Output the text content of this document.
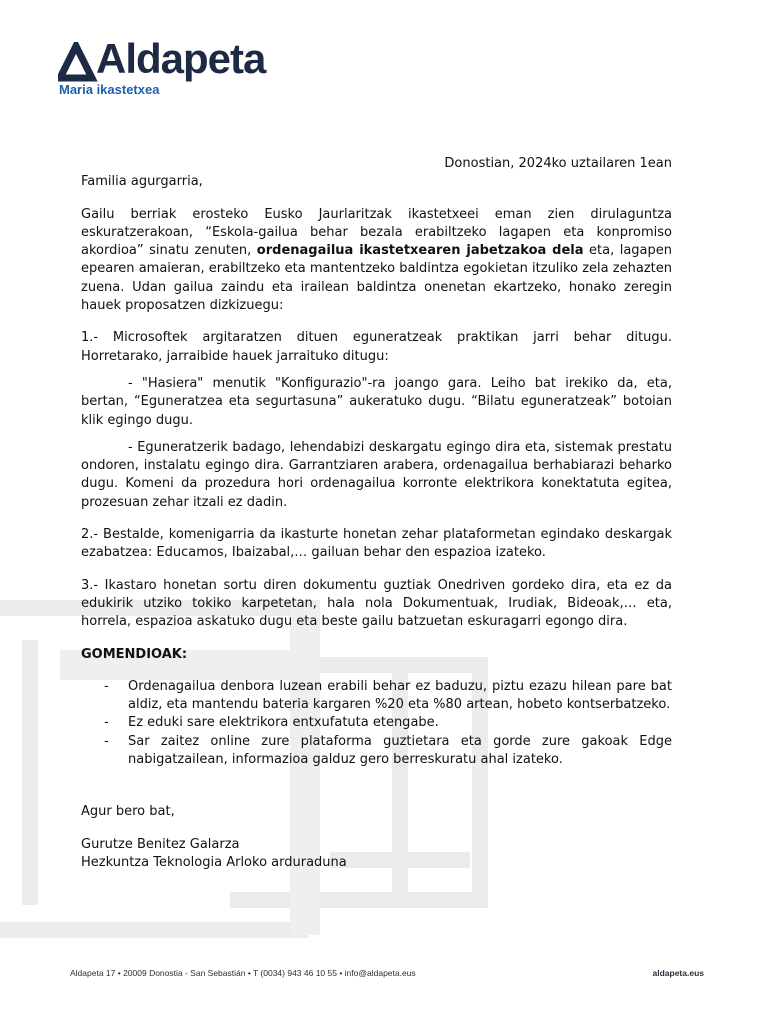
Aldapeta
Maria ikastetxea

Donostian, 2024ko uztailaren 1ean

Familia agurgarria,

Gailu berriak erosteko Eusko Jaurlaritzak ikastetxeei eman zien dirulaguntza eskuratzerakoan, “Eskola-gailua behar bezala erabiltzeko lagapen eta konpromiso akordioa” sinatu zenuten, ordenagailua ikastetxearen jabetzakoa dela eta, lagapen epearen amaieran, erabiltzeko eta mantentzeko baldintza egokietan itzuliko zela zehazten zuena. Udan gailua zaindu eta irailean baldintza onenetan ekartzeko, honako zeregin hauek proposatzen dizkizuegu:

1.- Microsoftek argitaratzen dituen eguneratzeak praktikan jarri behar ditugu. Horretarako, jarraibide hauek jarraituko ditugu:

- "Hasiera" menutik "Konfigurazio"-ra joango gara. Leiho bat irekiko da, eta, bertan, “Eguneratzea eta segurtasuna” aukeratuko dugu. “Bilatu eguneratzeak” botoian klik egingo dugu.

- Eguneratzerik badago, lehendabizi deskargatu egingo dira eta, sistemak prestatu ondoren, instalatu egingo dira. Garrantziaren arabera, ordenagailua berhabiarazi beharko dugu. Komeni da prozedura hori ordenagailua korronte elektrikora konektatuta egitea, prozesuan zehar itzali ez dadin.

2.- Bestalde, komenigarria da ikasturte honetan zehar plataformetan egindako deskargak ezabatzea: Educamos, Ibaizabal,… gailuan behar den espazioa izateko.

3.- Ikastaro honetan sortu diren dokumentu guztiak Onedriven gordeko dira, eta ez da edukirik utziko tokiko karpetetan, hala nola Dokumentuak, Irudiak, Bideoak,… eta, horrela, espazioa askatuko dugu eta beste gailu batzuetan eskuragarri egongo dira.

GOMENDIOAK:

- Ordenagailua denbora luzean erabili behar ez baduzu, piztu ezazu hilean pare bat aldiz, eta mantendu bateria kargaren %20 eta %80 artean, hobeto kontserbatzeko.
- Ez eduki sare elektrikora entxufatuta etengabe.
- Sar zaitez online zure plataforma guztietara eta gorde zure gakoak Edge nabigatzailean, informazioa galduz gero berreskuratu ahal izateko.

Agur bero bat,

Gurutze Benitez Galarza

Hezkuntza Teknologia Arloko arduraduna

Aldapeta 17 • 20009 Donostia - San Sebastián • T (0034) 943 46 10 55 • info@aldapeta.eus	aldapeta.eus
